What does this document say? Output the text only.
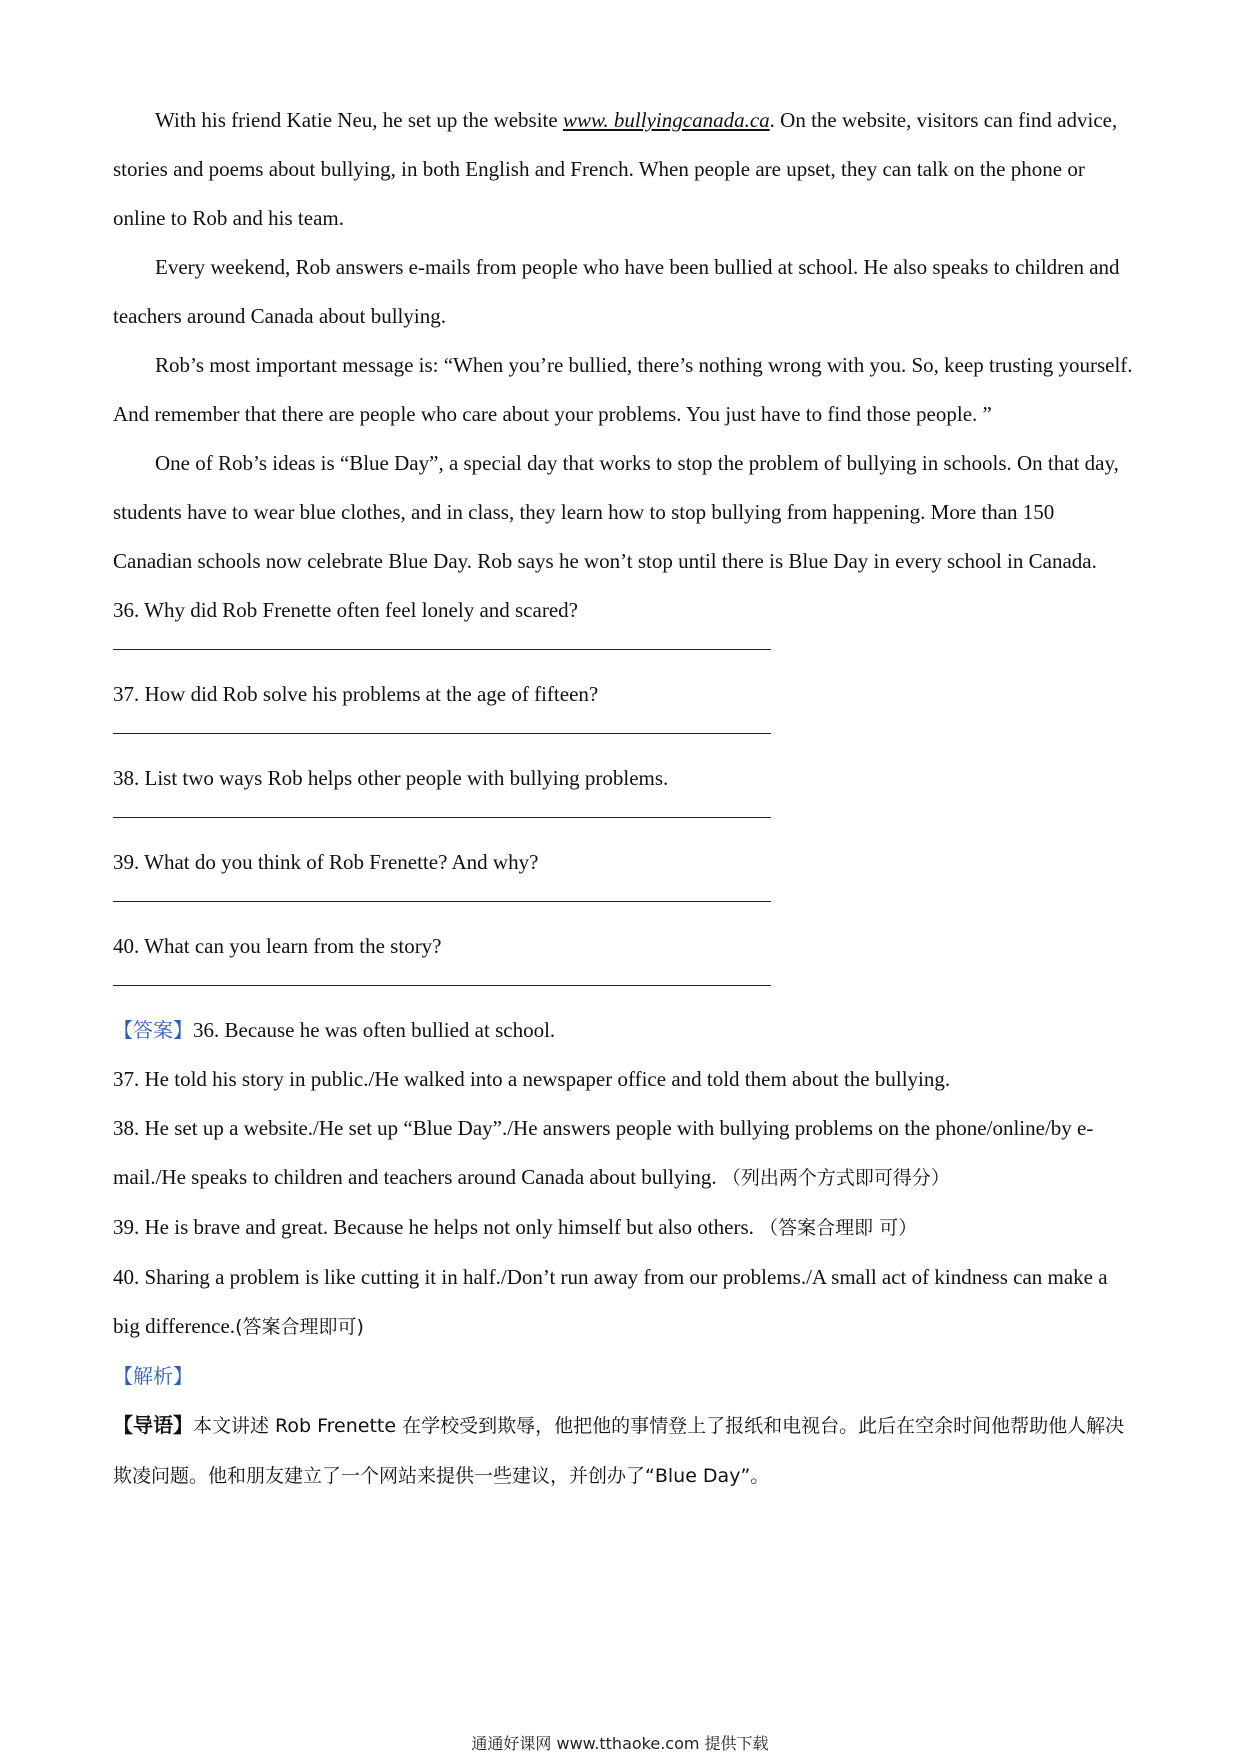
With his friend Katie Neu, he set up the website www. bullyingcanada.ca. On the website, visitors can find advice, stories and poems about bullying, in both English and French. When people are upset, they can talk on the phone or online to Rob and his team.

Every weekend, Rob answers e-mails from people who have been bullied at school. He also speaks to children and teachers around Canada about bullying.

Rob’s most important message is: “When you’re bullied, there’s nothing wrong with you. So, keep trusting yourself. And remember that there are people who care about your problems. You just have to find those people. ”

One of Rob’s ideas is “Blue Day”, a special day that works to stop the problem of bullying in schools. On that day, students have to wear blue clothes, and in class, they learn how to stop bullying from happening. More than 150 Canadian schools now celebrate Blue Day. Rob says he won’t stop until there is Blue Day in every school in Canada.

36. Why did Rob Frenette often feel lonely and scared?

37. How did Rob solve his problems at the age of fifteen?

38. List two ways Rob helps other people with bullying problems.

39. What do you think of Rob Frenette? And why?

40. What can you learn from the story?

【答案】36. Because he was often bullied at school.

37. He told his story in public./He walked into a newspaper office and told them about the bullying.

38. He set up a website./He set up “Blue Day”./He answers people with bullying problems on the phone/online/by e-mail./He speaks to children and teachers around Canada about bullying. （列出两个方式即可得分）

39. He is brave and great. Because he helps not only himself but also others. （答案合理即 可）

40. Sharing a problem is like cutting it in half./Don’t run away from our problems./A small act of kindness can make a big difference.(答案合理即可)

【解析】

【导语】本文讲述 Rob Frenette 在学校受到欺辱，他把他的事情登上了报纸和电视台。此后在空余时间他帮助他人解决欺凌问题。他和朋友建立了一个网站来提供一些建议，并创办了“Blue Day”。

通通好课网 www.tthaoke.com 提供下载
